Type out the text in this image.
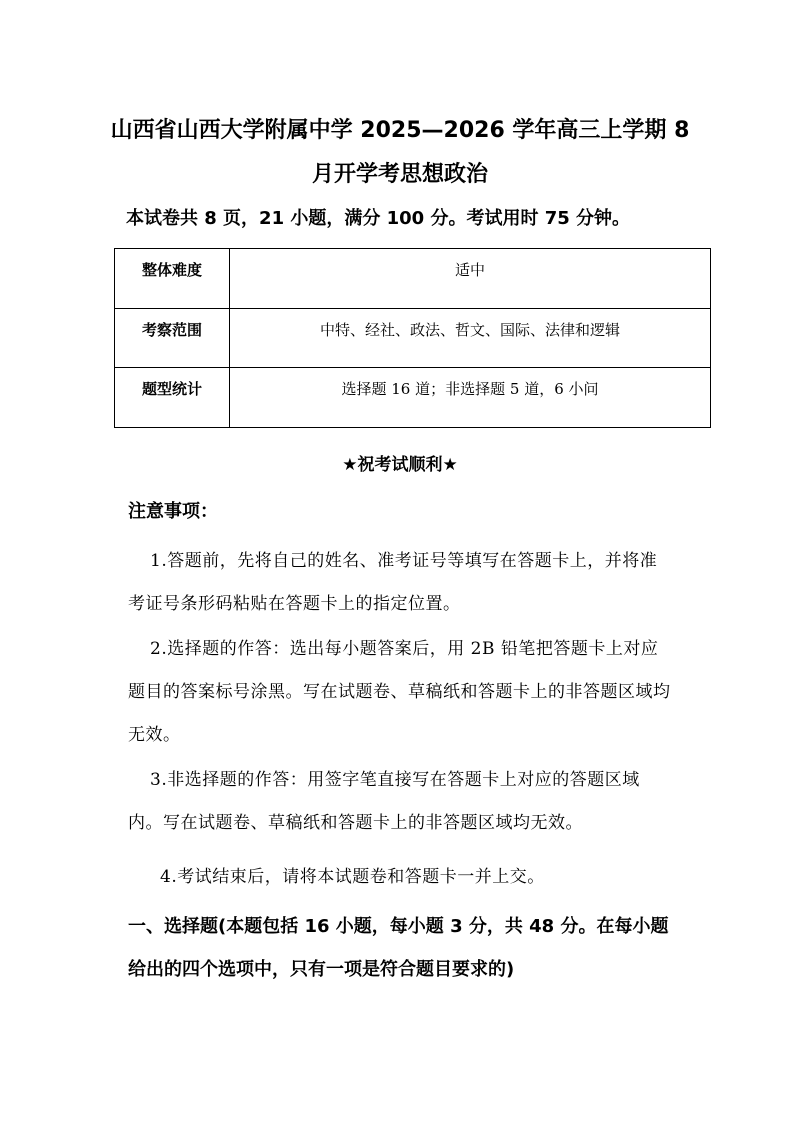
山西省山西大学附属中学 2025—2026 学年高三上学期 8
月开学考思想政治
本试卷共 8 页，21 小题，满分 100 分。考试用时 75 分钟。
整体难度	适中
考察范围	中特、经社、政法、哲文、国际、法律和逻辑
题型统计	选择题 16 道；非选择题 5 道，6 小问
★祝考试顺利★
注意事项：
1.答题前，先将自己的姓名、准考证号等填写在答题卡上，并将准考证号条形码粘贴在答题卡上的指定位置。
2.选择题的作答：选出每小题答案后，用 2B 铅笔把答题卡上对应题目的答案标号涂黑。写在试题卷、草稿纸和答题卡上的非答题区域均无效。
3.非选择题的作答：用签字笔直接写在答题卡上对应的答题区域内。写在试题卷、草稿纸和答题卡上的非答题区域均无效。
4.考试结束后，请将本试题卷和答题卡一并上交。
一、选择题(本题包括 16 小题，每小题 3 分，共 48 分。在每小题给出的四个选项中，只有一项是符合题目要求的)
